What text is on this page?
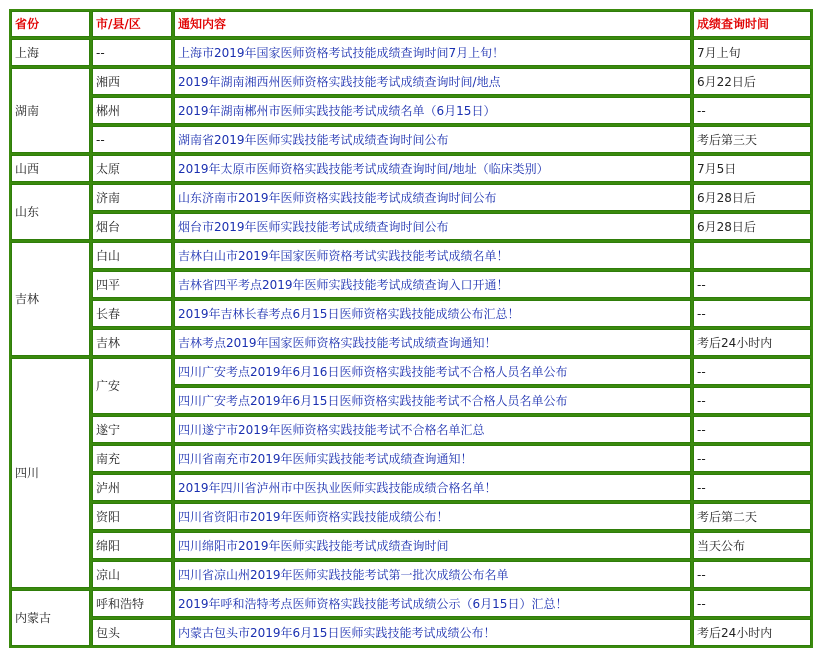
省份	市/县/区	通知内容	成绩查询时间
上海	--	上海市2019年国家医师资格考试技能成绩查询时间7月上旬！	7月上旬
湖南	湘西	2019年湖南湘西州医师资格实践技能考试成绩查询时间/地点	6月22日后
	郴州	2019年湖南郴州市医师实践技能考试成绩名单（6月15日）	--
	--	湖南省2019年医师实践技能考试成绩查询时间公布	考后第三天
山西	太原	2019年太原市医师资格实践技能考试成绩查询时间/地址（临床类别）	7月5日
山东	济南	山东济南市2019年医师资格实践技能考试成绩查询时间公布	6月28日后
	烟台	烟台市2019年医师实践技能考试成绩查询时间公布	6月28日后
吉林	白山	吉林白山市2019年国家医师资格考试实践技能考试成绩名单！	
	四平	吉林省四平考点2019年医师实践技能考试成绩查询入口开通！	--
	长春	2019年吉林长春考点6月15日医师资格实践技能成绩公布汇总！	--
	吉林	吉林考点2019年国家医师资格实践技能考试成绩查询通知！	考后24小时内
四川	广安	四川广安考点2019年6月16日医师资格实践技能考试不合格人员名单公布	--
		四川广安考点2019年6月15日医师资格实践技能考试不合格人员名单公布	--
	遂宁	四川遂宁市2019年医师资格实践技能考试不合格名单汇总	--
	南充	四川省南充市2019年医师实践技能考试成绩查询通知！	--
	泸州	2019年四川省泸州市中医执业医师实践技能成绩合格名单！	--
	资阳	四川省资阳市2019年医师资格实践技能成绩公布！	考后第二天
	绵阳	四川绵阳市2019年医师实践技能考试成绩查询时间	当天公布
	凉山	四川省凉山州2019年医师实践技能考试第一批次成绩公布名单	--
内蒙古	呼和浩特	2019年呼和浩特考点医师资格实践技能考试成绩公示（6月15日）汇总！	--
	包头	内蒙古包头市2019年6月15日医师实践技能考试成绩公布！	考后24小时内
